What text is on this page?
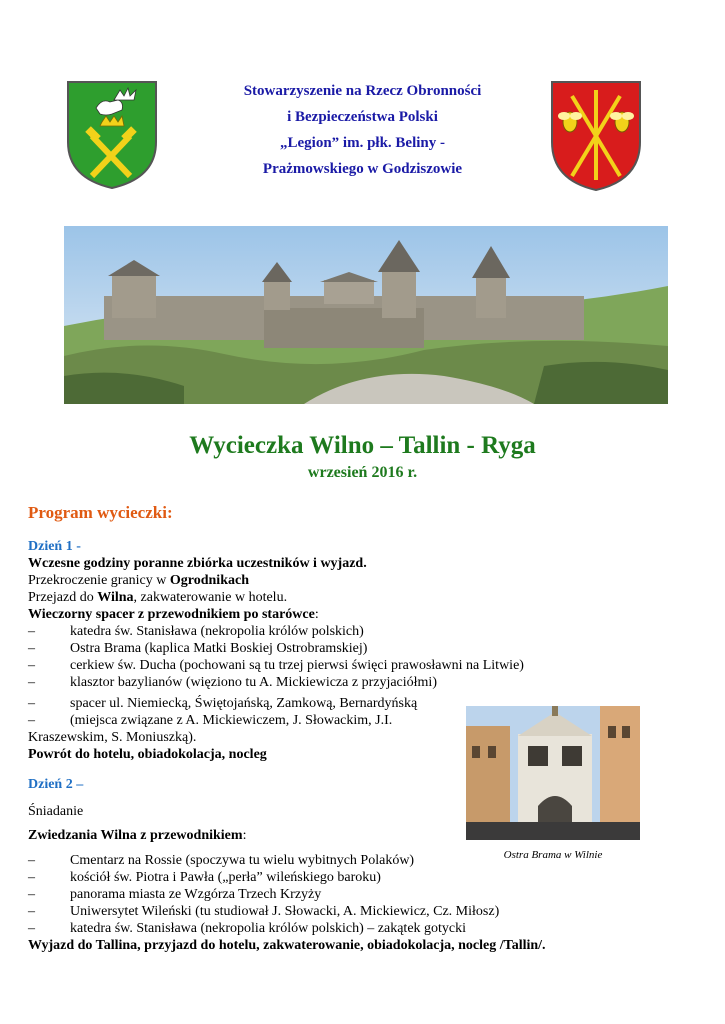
Stowarzyszenie na Rzecz Obronności
i Bezpieczeństwa Polski
„Legion” im. płk. Beliny -
Prażmowskiego w Godziszowie
Wycieczka Wilno – Tallin - Ryga
wrzesień 2016 r.
Program wycieczki:
Dzień 1 -
Wczesne godziny poranne zbiórka uczestników i wyjazd.
Przekroczenie granicy w Ogrodnikach
Przejazd do Wilna, zakwaterowanie w hotelu.
Wieczorny spacer z przewodnikiem po starówce:
–	katedra św. Stanisława (nekropolia królów polskich)
–	Ostra Brama (kaplica Matki Boskiej Ostrobramskiej)
–	cerkiew św. Ducha (pochowani są tu trzej pierwsi święci prawosławni na Litwie)
–	klasztor bazylianów (więziono tu A. Mickiewicza z przyjaciółmi)
–	spacer ul. Niemiecką, Świętojańską, Zamkową, Bernardyńską
–	(miejsca związane z A. Mickiewiczem, J. Słowackim, J.I.
Kraszewskim, S. Moniuszką).
Powrót do hotelu, obiadokolacja, nocleg
Dzień 2 –
Śniadanie
Zwiedzania Wilna z przewodnikiem:
–	Cmentarz na Rossie (spoczywa tu wielu wybitnych Polaków)
–	kościół św. Piotra i Pawła („perła” wileńskiego baroku)
–	panorama miasta ze Wzgórza Trzech Krzyży
–	Uniwersytet Wileński (tu studiował J. Słowacki, A. Mickiewicz, Cz. Miłosz)
–	katedra św. Stanisława (nekropolia królów polskich) – zakątek gotycki
Wyjazd do Tallina, przyjazd do hotelu, zakwaterowanie, obiadokolacja, nocleg /Tallin/.
Ostra Brama w Wilnie
